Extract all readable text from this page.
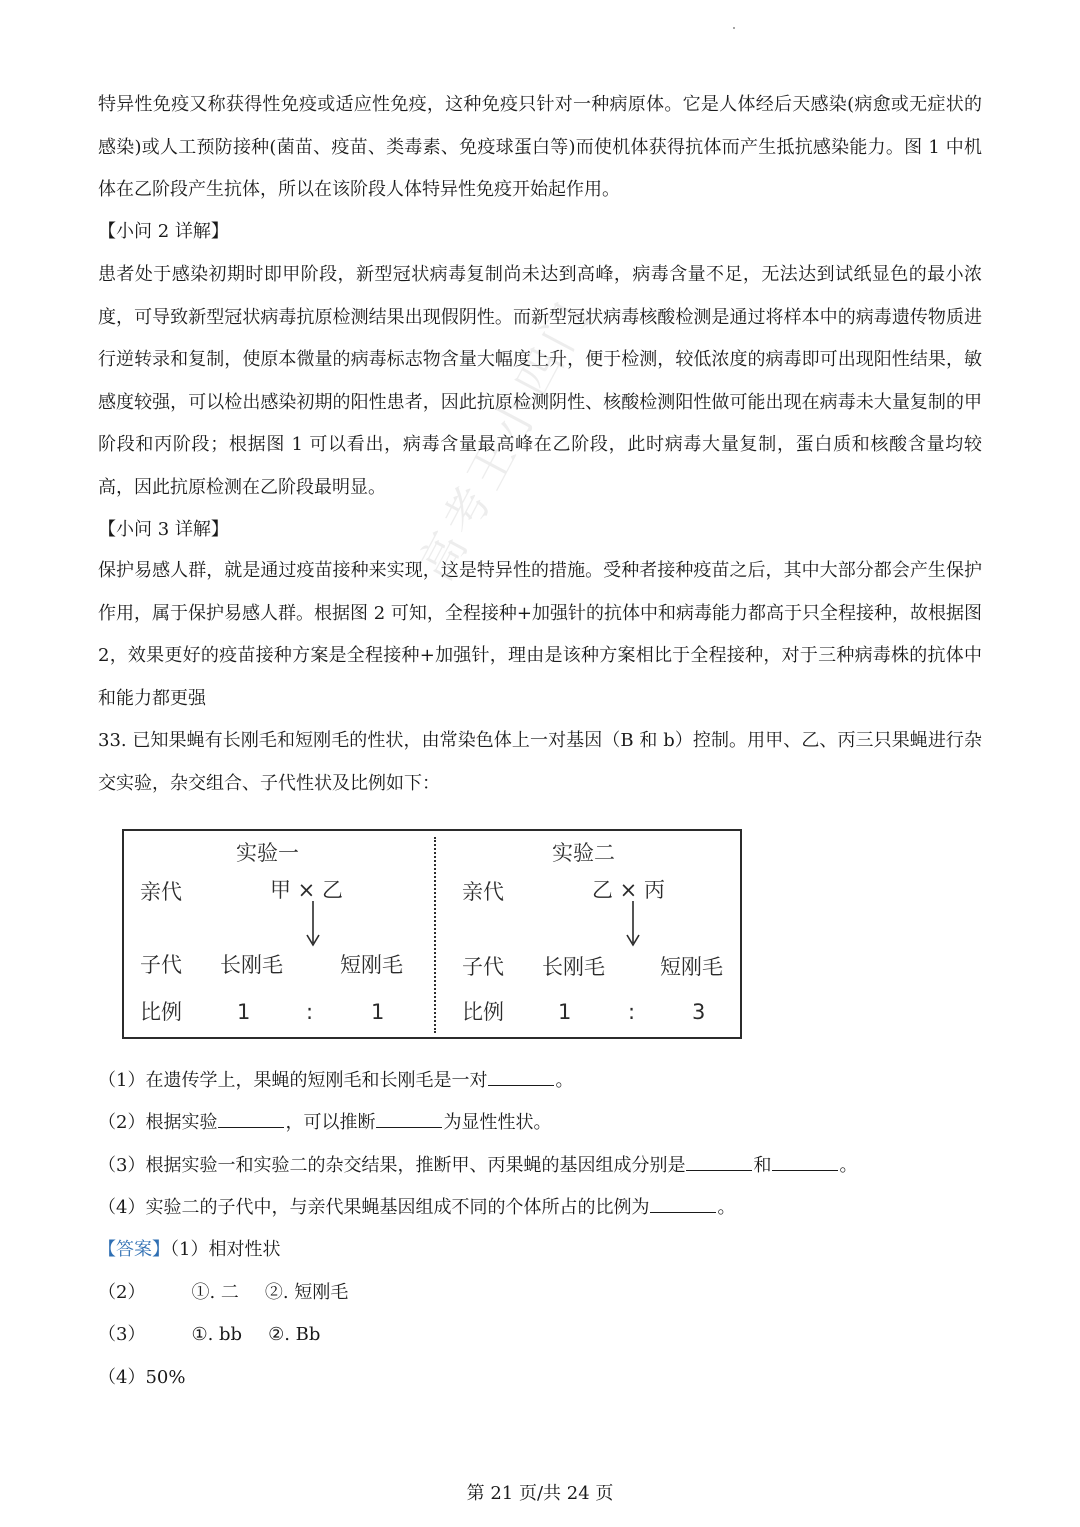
高考王小四门

特异性免疫又称获得性免疫或适应性免疫，这种免疫只针对一种病原体。它是人体经后天感染(病愈或无症状的感染)或人工预防接种(菌苗、疫苗、类毒素、免疫球蛋白等)而使机体获得抗体而产生抵抗感染能力。图 1 中机体在乙阶段产生抗体，所以在该阶段人体特异性免疫开始起作用。

【小问 2 详解】

患者处于感染初期时即甲阶段，新型冠状病毒复制尚未达到高峰，病毒含量不足，无法达到试纸显色的最小浓度，可导致新型冠状病毒抗原检测结果出现假阴性。而新型冠状病毒核酸检测是通过将样本中的病毒遗传物质进行逆转录和复制，使原本微量的病毒标志物含量大幅度上升，便于检测，较低浓度的病毒即可出现阳性结果，敏感度较强，可以检出感染初期的阳性患者，因此抗原检测阴性、核酸检测阳性做可能出现在病毒未大量复制的甲阶段和丙阶段；根据图 1 可以看出，病毒含量最高峰在乙阶段，此时病毒大量复制，蛋白质和核酸含量均较高，因此抗原检测在乙阶段最明显。

【小问 3 详解】

保护易感人群，就是通过疫苗接种来实现，这是特异性的措施。受种者接种疫苗之后，其中大部分都会产生保护作用，属于保护易感人群。根据图 2 可知，全程接种+加强针的抗体中和病毒能力都高于只全程接种，故根据图 2，效果更好的疫苗接种方案是全程接种+加强针，理由是该种方案相比于全程接种，对于三种病毒株的抗体中和能力都更强

33. 已知果蝇有长刚毛和短刚毛的性状，由常染色体上一对基因（B 和 b）控制。用甲、乙、丙三只果蝇进行杂交实验，杂交组合、子代性状及比例如下：

实验一
亲代	甲 × 乙
子代 长刚毛	短刚毛
比例	1	:	1
实验二
亲代	乙 × 丙
子代 长刚毛	短刚毛
比例	1	:	3
（1）在遗传学上，果蝇的短刚毛和长刚毛是一对	。
（2）根据实验	，可以推断	为显性性状。
（3）根据实验一和实验二的杂交结果，推断甲、丙果蝇的基因组成分别是	和	。
（4）实验二的子代中，与亲代果蝇基因组成不同的个体所占的比例为	。
【答案】（1）相对性状
（2）	①. 二 ②. 短刚毛
（3）	①. bb ②. Bb
（4）50%
第 21 页/共 24 页
